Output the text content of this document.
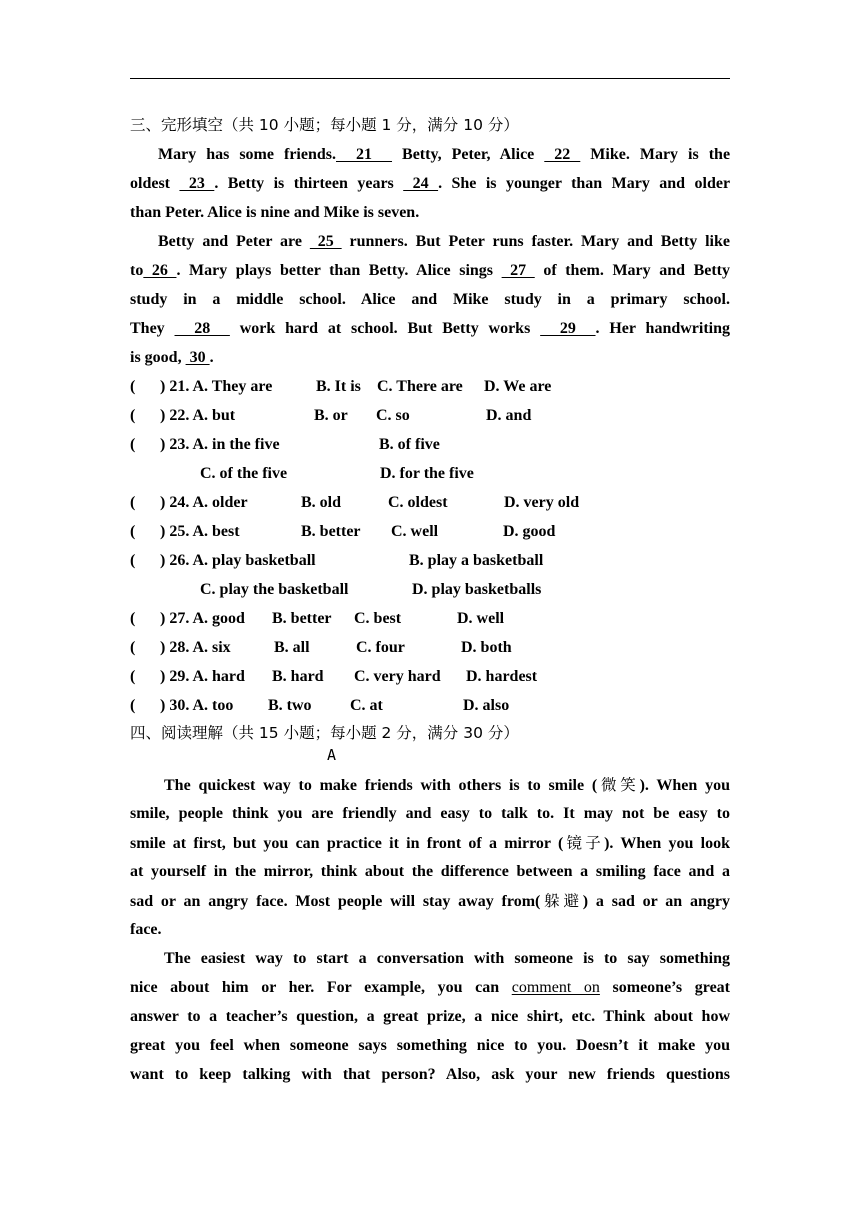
三、完形填空（共 10 小题；每小题 1 分，满分 10 分）
Mary has some friends.  21   Betty, Peter, Alice  22  Mike. Mary is the
oldest  23 . Betty is thirteen years  24 . She is younger than Mary and older
than Peter. Alice is nine and Mike is seven.
Betty and Peter are  25  runners. But Peter runs faster. Mary and Betty like
to 26 . Mary plays better than Betty. Alice sings  27  of them. Mary and Betty
study in a middle school. Alice and Mike study in a primary school.
They   28   work hard at school. But Betty works   29  . Her handwriting
is good,  30 .
( ) 21. A. They are	B. It is C. There are D. We are
( ) 22. A. but	B. or C. so	D. and
( ) 23. A. in the five	B. of five
C. of the five	D. for the five
( ) 24. A. older	B. old	C. oldest	D. very old
( ) 25. A. best	B. better C. well	D. good
( ) 26. A. play basketball	B. play a basketball
C. play the basketball	D. play basketballs
( ) 27. A. good B. better C. best	D. well
( ) 28. A. six	B. all	C. four	D. both
( ) 29. A. hard B. hard C. very hard D. hardest
( ) 30. A. too B. two C. at	D. also
四、阅读理解（共 15 小题；每小题 2 分，满分 30 分）
A
The quickest way to make friends with others is to smile (微笑). When you
smile, people think you are friendly and easy to talk to. It may not be easy to
smile at first, but you can practice it in front of a mirror (镜子). When you look
at yourself in the mirror, think about the difference between a smiling face and a
sad or an angry face. Most people will stay away from(躲避) a sad or an angry
face.
The easiest way to start a conversation with someone is to say something
nice about him or her. For example, you can comment on someone’s great
answer to a teacher’s question, a great prize, a nice shirt, etc. Think about how
great you feel when someone says something nice to you. Doesn’t it make you
want to keep talking with that person? Also, ask your new friends questions
